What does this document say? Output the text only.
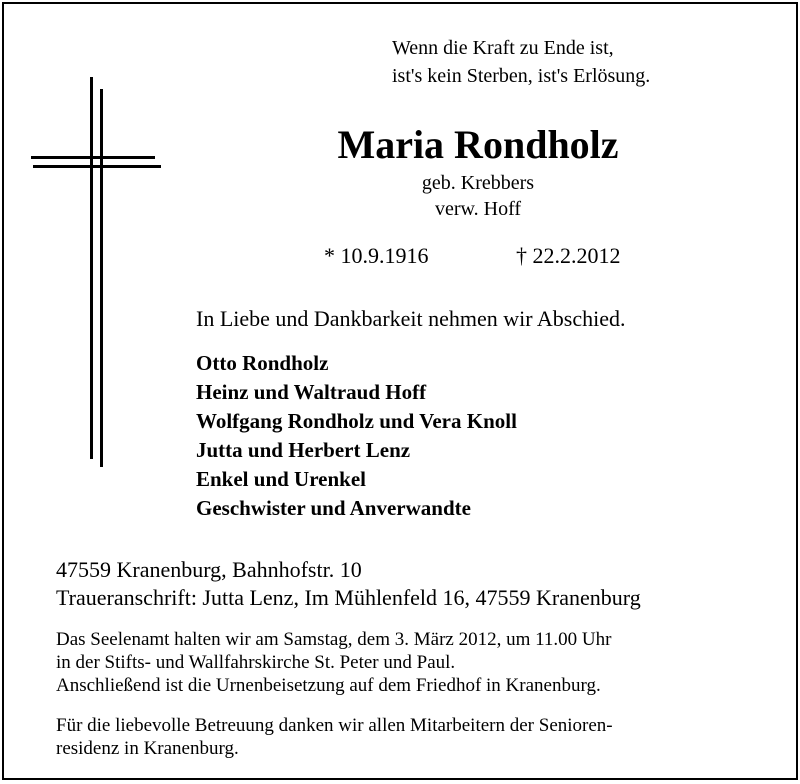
Wenn die Kraft zu Ende ist,
ist's kein Sterben, ist's Erlösung.
Maria Rondholz
geb. Krebbers
verw. Hoff
* 10.9.1916	† 22.2.2012
In Liebe und Dankbarkeit nehmen wir Abschied.
Otto Rondholz
Heinz und Waltraud Hoff
Wolfgang Rondholz und Vera Knoll
Jutta und Herbert Lenz
Enkel und Urenkel
Geschwister und Anverwandte
47559 Kranenburg, Bahnhofstr. 10
Traueranschrift: Jutta Lenz, Im Mühlenfeld 16, 47559 Kranenburg
Das Seelenamt halten wir am Samstag, dem 3. März 2012, um 11.00 Uhr
in der Stifts- und Wallfahrskirche St. Peter und Paul.
Anschließend ist die Urnenbeisetzung auf dem Friedhof in Kranenburg.
Für die liebevolle Betreuung danken wir allen Mitarbeitern der Senioren-
residenz in Kranenburg.
